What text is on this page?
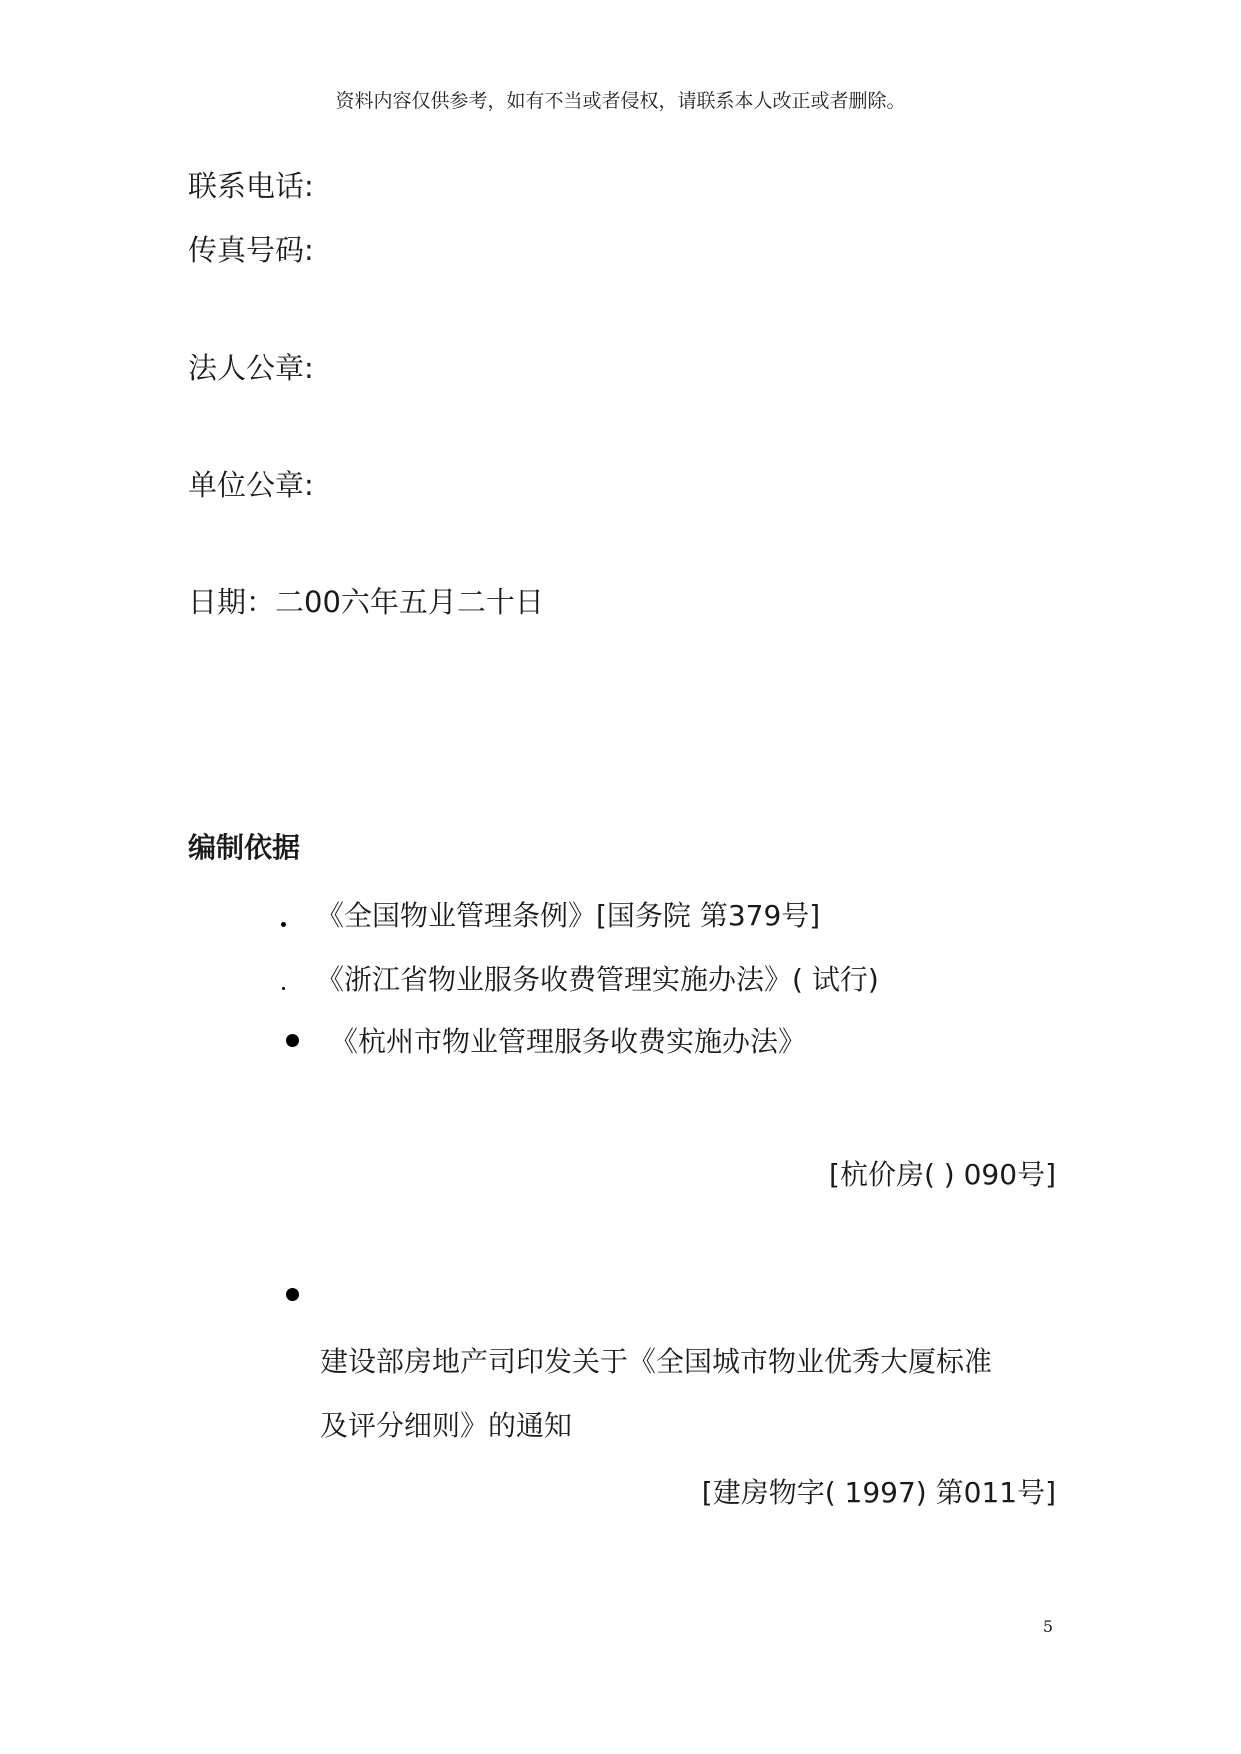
资料内容仅供参考，如有不当或者侵权，请联系本人改正或者删除。
联系电话:
传真号码:
法人公章:
单位公章:
日期：二00六年五月二十日
编制依据
《全国物业管理条例》[国务院 第379号]
《浙江省物业服务收费管理实施办法》( 试行)
《杭州市物业管理服务收费实施办法》
[杭价房( ) 090号]
建设部房地产司印发关于《全国城市物业优秀大厦标准
及评分细则》的通知
[建房物字( 1997) 第011号]
5
